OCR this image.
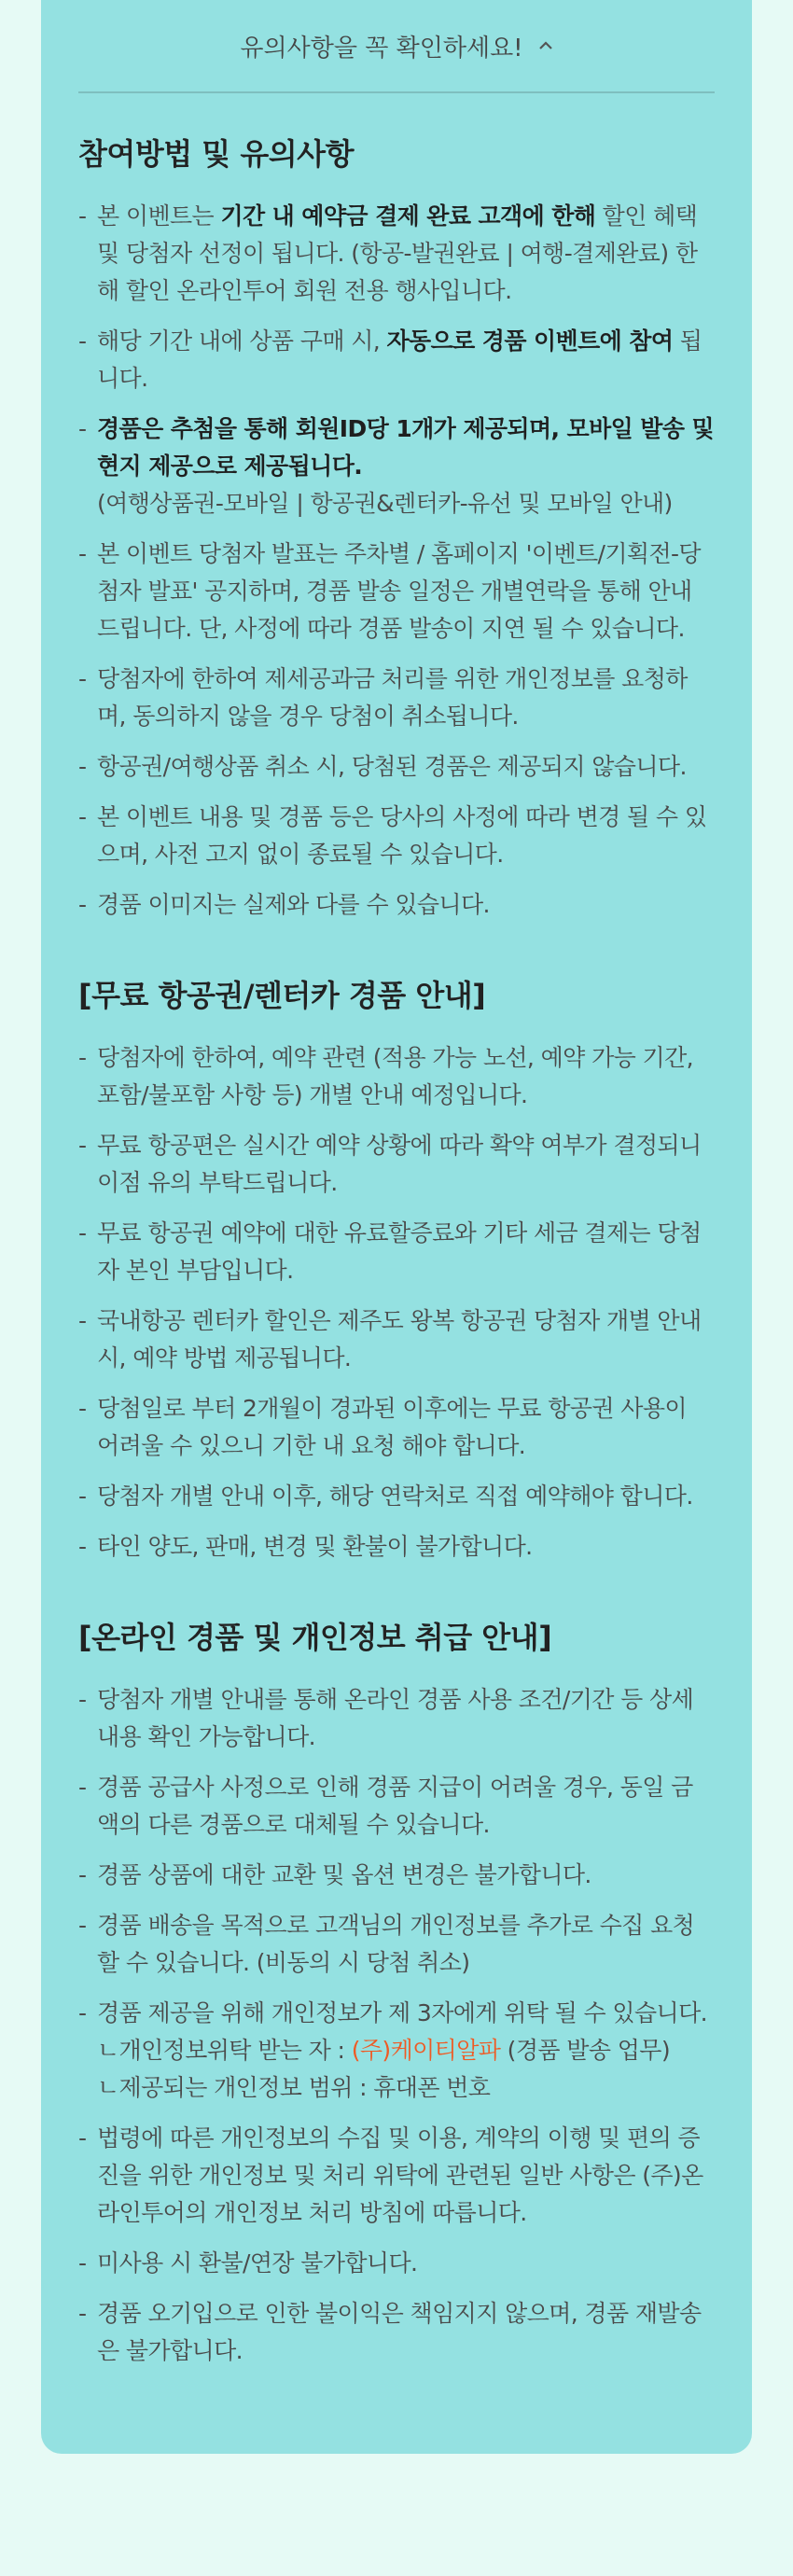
유의사항을 꼭 확인하세요!
참여방법 및 유의사항
- 본 이벤트는 기간 내 예약금 결제 완료 고객에 한해 할인 혜택 및 당첨자 선정이 됩니다. (항공-발권완료 | 여행-결제완료) 한해 할인 온라인투어 회원 전용 행사입니다.
- 해당 기간 내에 상품 구매 시, 자동으로 경품 이벤트에 참여 됩니다.
- 경품은 추첨을 통해 회원ID당 1개가 제공되며, 모바일 발송 및 현지 제공으로 제공됩니다.
(여행상품권-모바일 | 항공권&렌터카-유선 및 모바일 안내)
- 본 이벤트 당첨자 발표는 주차별 / 홈페이지 '이벤트/기획전-당첨자 발표' 공지하며, 경품 발송 일정은 개별연락을 통해 안내 드립니다. 단, 사정에 따라 경품 발송이 지연 될 수 있습니다.
- 당첨자에 한하여 제세공과금 처리를 위한 개인정보를 요청하며, 동의하지 않을 경우 당첨이 취소됩니다.
- 항공권/여행상품 취소 시, 당첨된 경품은 제공되지 않습니다.
- 본 이벤트 내용 및 경품 등은 당사의 사정에 따라 변경 될 수 있으며, 사전 고지 없이 종료될 수 있습니다.
- 경품 이미지는 실제와 다를 수 있습니다.
[무료 항공권/렌터카 경품 안내]
- 당첨자에 한하여, 예약 관련 (적용 가능 노선, 예약 가능 기간, 포함/불포함 사항 등) 개별 안내 예정입니다.
- 무료 항공편은 실시간 예약 상황에 따라 확약 여부가 결정되니 이점 유의 부탁드립니다.
- 무료 항공권 예약에 대한 유료할증료와 기타 세금 결제는 당첨자 본인 부담입니다.
- 국내항공 렌터카 할인은 제주도 왕복 항공권 당첨자 개별 안내 시, 예약 방법 제공됩니다.
- 당첨일로 부터 2개월이 경과된 이후에는 무료 항공권 사용이 어려울 수 있으니 기한 내 요청 해야 합니다.
- 당첨자 개별 안내 이후, 해당 연락처로 직접 예약해야 합니다.
- 타인 양도, 판매, 변경 및 환불이 불가합니다.
[온라인 경품 및 개인정보 취급 안내]
- 당첨자 개별 안내를 통해 온라인 경품 사용 조건/기간 등 상세 내용 확인 가능합니다.
- 경품 공급사 사정으로 인해 경품 지급이 어려울 경우, 동일 금액의 다른 경품으로 대체될 수 있습니다.
- 경품 상품에 대한 교환 및 옵션 변경은 불가합니다.
- 경품 배송을 목적으로 고객님의 개인정보를 추가로 수집 요청 할 수 있습니다. (비동의 시 당첨 취소)
- 경품 제공을 위해 개인정보가 제 3자에게 위탁 될 수 있습니다.
ㄴ개인정보위탁 받는 자 : (주)케이티알파 (경품 발송 업무)
ㄴ제공되는 개인정보 범위 : 휴대폰 번호
- 법령에 따른 개인정보의 수집 및 이용, 계약의 이행 및 편의 증진을 위한 개인정보 및 처리 위탁에 관련된 일반 사항은 (주)온라인투어의 개인정보 처리 방침에 따릅니다.
- 미사용 시 환불/연장 불가합니다.
- 경품 오기입으로 인한 불이익은 책임지지 않으며, 경품 재발송은 불가합니다.
